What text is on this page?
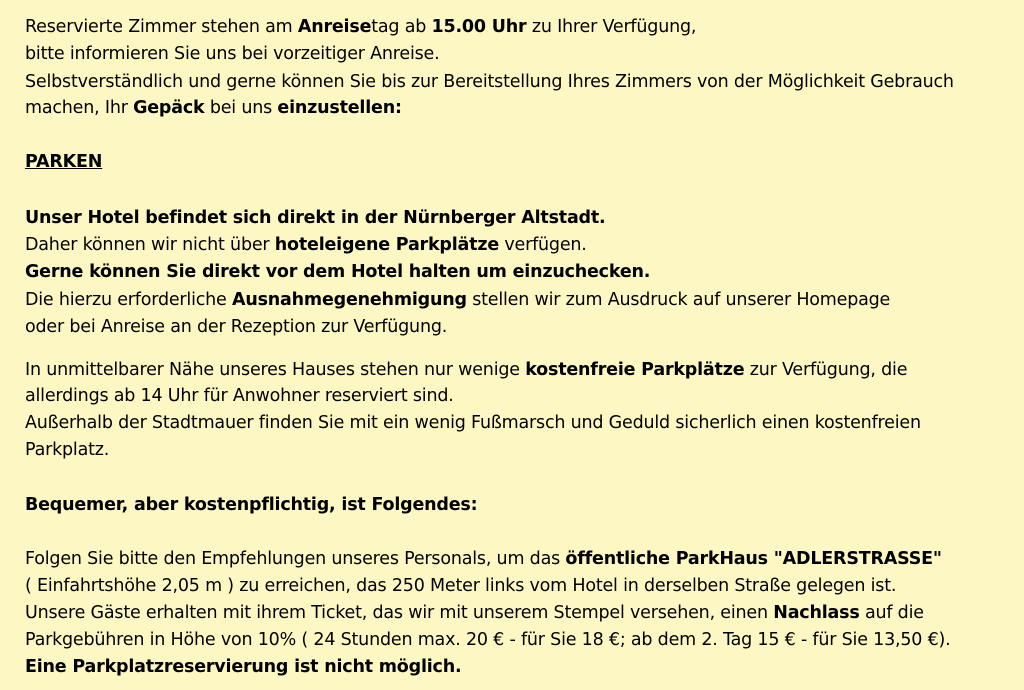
Reservierte Zimmer stehen am Anreisetag ab 15.00 Uhr zu Ihrer Verfügung,
bitte informieren Sie uns bei vorzeitiger Anreise.
Selbstverständlich und gerne können Sie bis zur Bereitstellung Ihres Zimmers von der Möglichkeit Gebrauch
machen, Ihr Gepäck bei uns einzustellen:
PARKEN
Unser Hotel befindet sich direkt in der Nürnberger Altstadt.
Daher können wir nicht über hoteleigene Parkplätze verfügen.
Gerne können Sie direkt vor dem Hotel halten um einzuchecken.
Die hierzu erforderliche Ausnahmegenehmigung stellen wir zum Ausdruck auf unserer Homepage
oder bei Anreise an der Rezeption zur Verfügung.
In unmittelbarer Nähe unseres Hauses stehen nur wenige kostenfreie Parkplätze zur Verfügung, die
allerdings ab 14 Uhr für Anwohner reserviert sind.
Außerhalb der Stadtmauer finden Sie mit ein wenig Fußmarsch und Geduld sicherlich einen kostenfreien
Parkplatz.
Bequemer, aber kostenpflichtig, ist Folgendes:
Folgen Sie bitte den Empfehlungen unseres Personals, um das öffentliche ParkHaus "ADLERSTRASSE"
( Einfahrtshöhe 2,05 m ) zu erreichen, das 250 Meter links vom Hotel in derselben Straße gelegen ist.
Unsere Gäste erhalten mit ihrem Ticket, das wir mit unserem Stempel versehen, einen Nachlass auf die
Parkgebühren in Höhe von 10% ( 24 Stunden max. 20 € - für Sie 18 €; ab dem 2. Tag 15 € - für Sie 13,50 €).
Eine Parkplatzreservierung ist nicht möglich.
